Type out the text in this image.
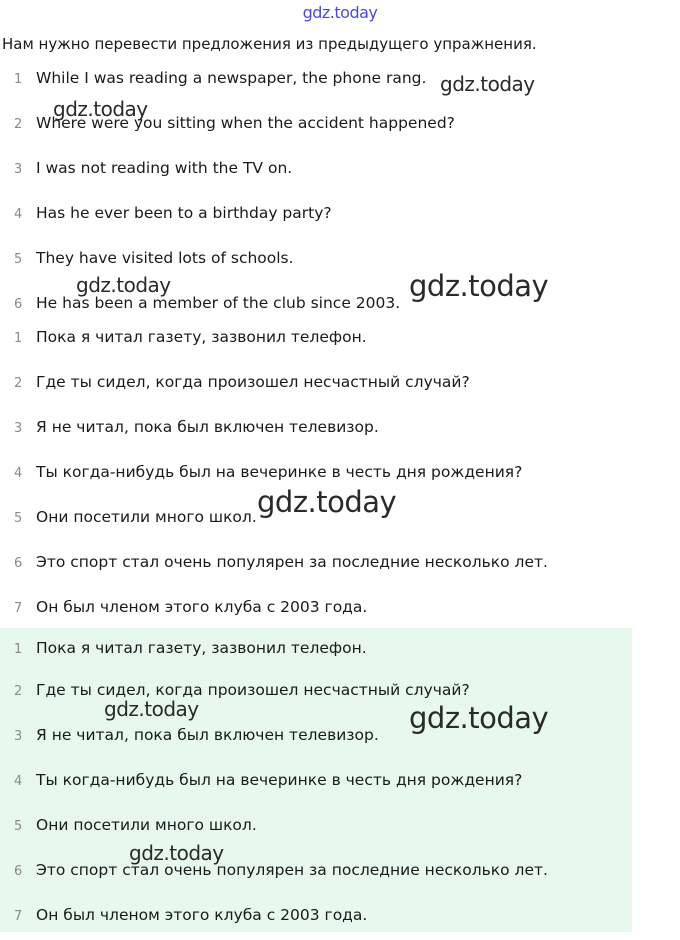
gdz.today
Нам нужно перевести предложения из предыдущего упражнения.
1 While I was reading a newspaper, the phone rang.
2 Where were you sitting when the accident happened?
3 I was not reading with the TV on.
4 Has he ever been to a birthday party?
5 They have visited lots of schools.
6 He has been a member of the club since 2003.
1 Пока я читал газету, зазвонил телефон.
2 Где ты сидел, когда произошел несчастный случай?
3 Я не читал, пока был включен телевизор.
4 Ты когда-нибудь был на вечеринке в честь дня рождения?
5 Они посетили много школ.
6 Это спорт стал очень популярен за последние несколько лет.
7 Он был членом этого клуба с 2003 года.
1 Пока я читал газету, зазвонил телефон.
2 Где ты сидел, когда произошел несчастный случай?
3 Я не читал, пока был включен телевизор.
4 Ты когда-нибудь был на вечеринке в честь дня рождения?
5 Они посетили много школ.
6 Это спорт стал очень популярен за последние несколько лет.
7 Он был членом этого клуба с 2003 года.
gdz.today
gdz.today
gdz.today	gdz.today
gdz.today
gdz.today	gdz.today
gdz.today
